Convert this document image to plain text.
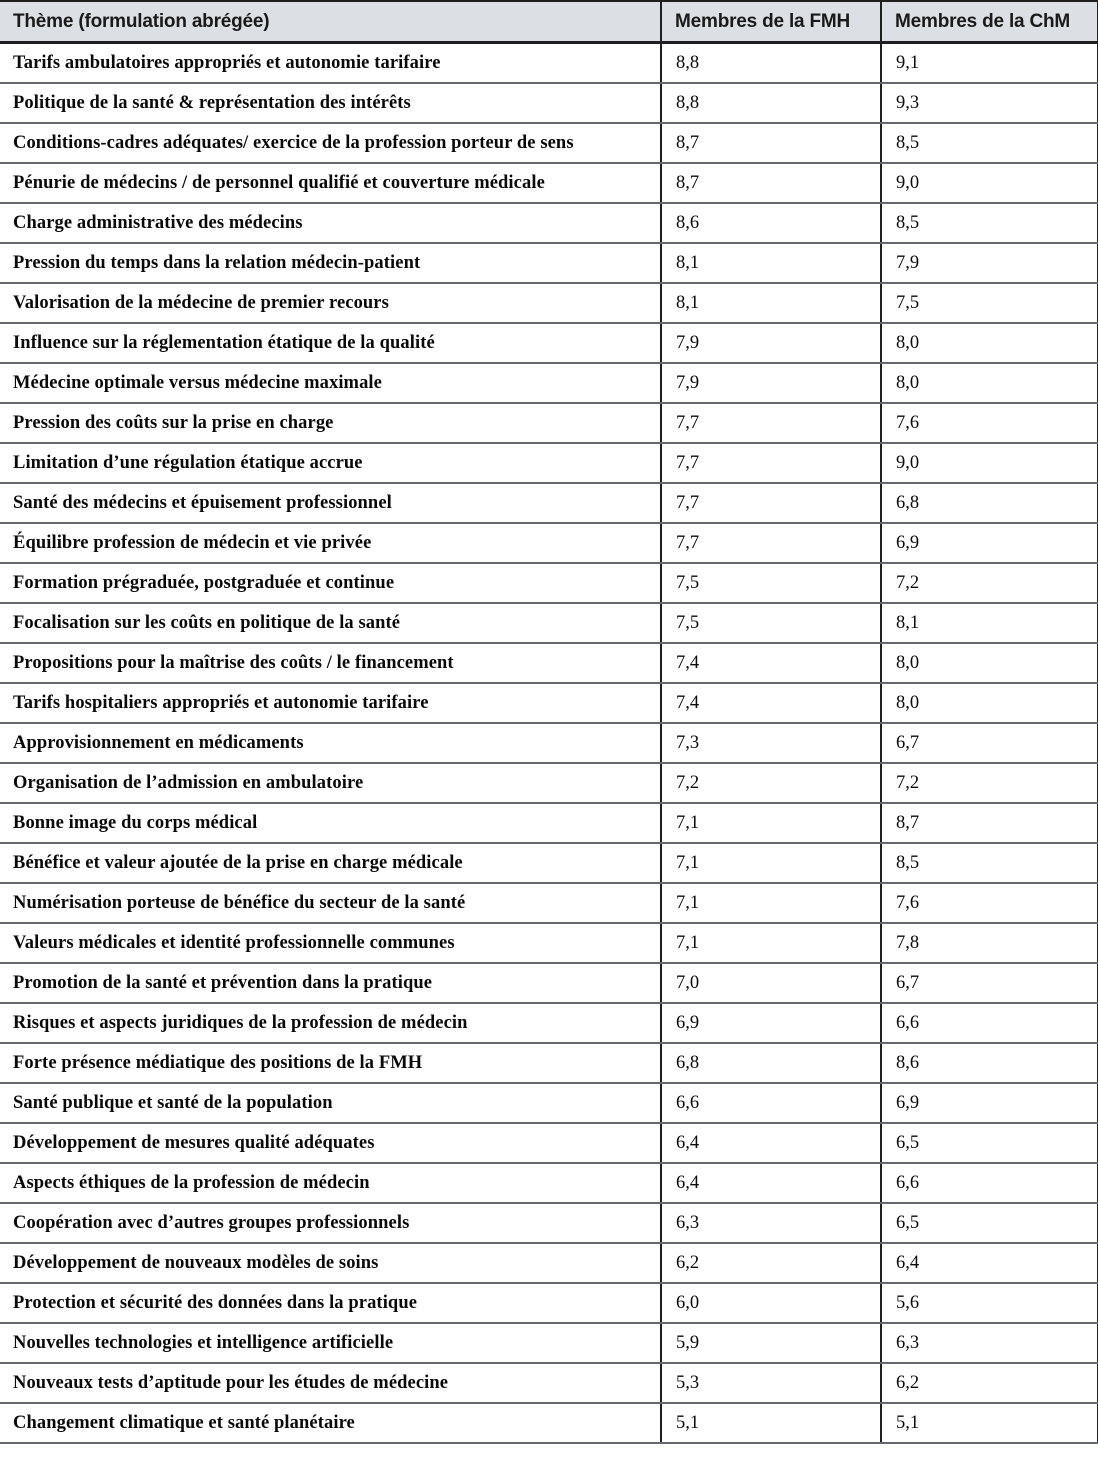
Thème (formulation abrégée)	Membres de la FMH	Membres de la ChM
Tarifs ambulatoires appropriés et autonomie tarifaire	8,8	9,1
Politique de la santé & représentation des intérêts	8,8	9,3
Conditions-cadres adéquates/ exercice de la profession porteur de sens	8,7	8,5
Pénurie de médecins / de personnel qualifié et couverture médicale	8,7	9,0
Charge administrative des médecins	8,6	8,5
Pression du temps dans la relation médecin-patient	8,1	7,9
Valorisation de la médecine de premier recours	8,1	7,5
Influence sur la réglementation étatique de la qualité	7,9	8,0
Médecine optimale versus médecine maximale	7,9	8,0
Pression des coûts sur la prise en charge	7,7	7,6
Limitation d’une régulation étatique accrue	7,7	9,0
Santé des médecins et épuisement professionnel	7,7	6,8
Équilibre profession de médecin et vie privée	7,7	6,9
Formation prégraduée, postgraduée et continue	7,5	7,2
Focalisation sur les coûts en politique de la santé	7,5	8,1
Propositions pour la maîtrise des coûts / le financement	7,4	8,0
Tarifs hospitaliers appropriés et autonomie tarifaire	7,4	8,0
Approvisionnement en médicaments	7,3	6,7
Organisation de l’admission en ambulatoire	7,2	7,2
Bonne image du corps médical	7,1	8,7
Bénéfice et valeur ajoutée de la prise en charge médicale	7,1	8,5
Numérisation porteuse de bénéfice du secteur de la santé	7,1	7,6
Valeurs médicales et identité professionnelle communes	7,1	7,8
Promotion de la santé et prévention dans la pratique	7,0	6,7
Risques et aspects juridiques de la profession de médecin	6,9	6,6
Forte présence médiatique des positions de la FMH	6,8	8,6
Santé publique et santé de la population	6,6	6,9
Développement de mesures qualité adéquates	6,4	6,5
Aspects éthiques de la profession de médecin	6,4	6,6
Coopération avec d’autres groupes professionnels	6,3	6,5
Développement de nouveaux modèles de soins	6,2	6,4
Protection et sécurité des données dans la pratique	6,0	5,6
Nouvelles technologies et intelligence artificielle	5,9	6,3
Nouveaux tests d’aptitude pour les études de médecine	5,3	6,2
Changement climatique et santé planétaire	5,1	5,1
